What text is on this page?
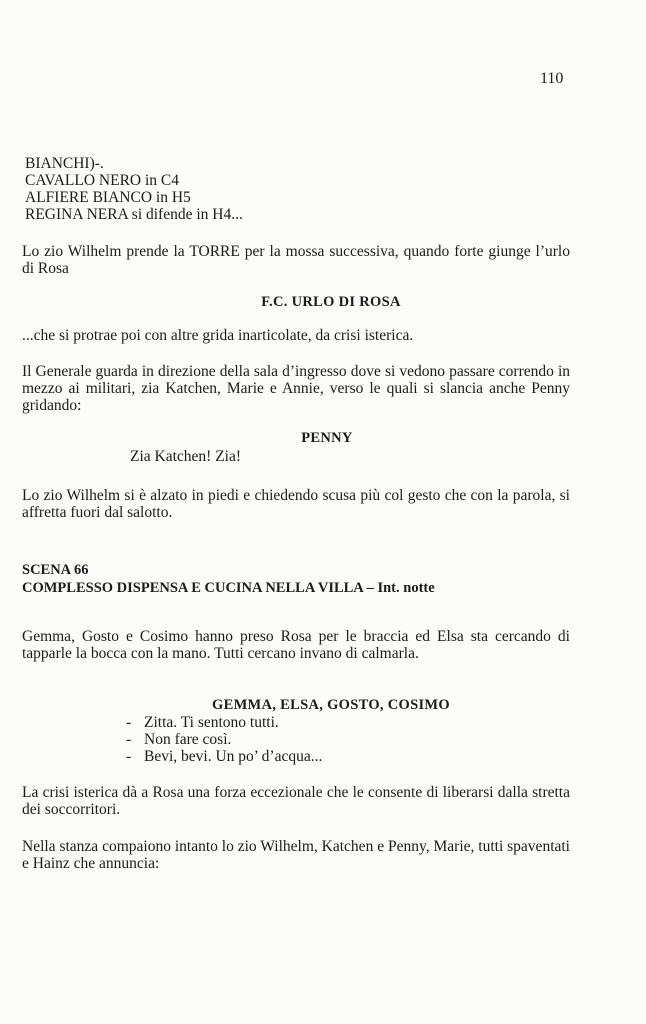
110
BIANCHI)-.
CAVALLO NERO in C4
ALFIERE BIANCO in H5
REGINA NERA si difende in H4...
Lo zio Wilhelm prende la TORRE per la mossa successiva, quando forte giunge l’urlo di Rosa
F.C. URLO DI ROSA
...che si protrae poi con altre grida inarticolate, da crisi isterica.
Il Generale guarda in direzione della sala d’ingresso dove si vedono passare correndo in mezzo ai militari, zia Katchen, Marie e Annie, verso le quali si slancia anche Penny gridando:
PENNY
Zia Katchen! Zia!
Lo zio Wilhelm si è alzato in piedi e chiedendo scusa più col gesto che con la parola, si affretta fuori dal salotto.
SCENA 66
COMPLESSO DISPENSA E CUCINA NELLA VILLA – Int. notte
Gemma, Gosto e Cosimo hanno preso Rosa per le braccia ed Elsa sta cercando di tapparle la bocca con la mano. Tutti cercano invano di calmarla.
GEMMA, ELSA, GOSTO, COSIMO
- Zitta. Ti sentono tutti.
- Non fare così.
- Bevi, bevi. Un po’ d’acqua...
La crisi isterica dà a Rosa una forza eccezionale che le consente di liberarsi dalla stretta dei soccorritori.
Nella stanza compaiono intanto lo zio Wilhelm, Katchen e Penny, Marie, tutti spaventati e Hainz che annuncia:
